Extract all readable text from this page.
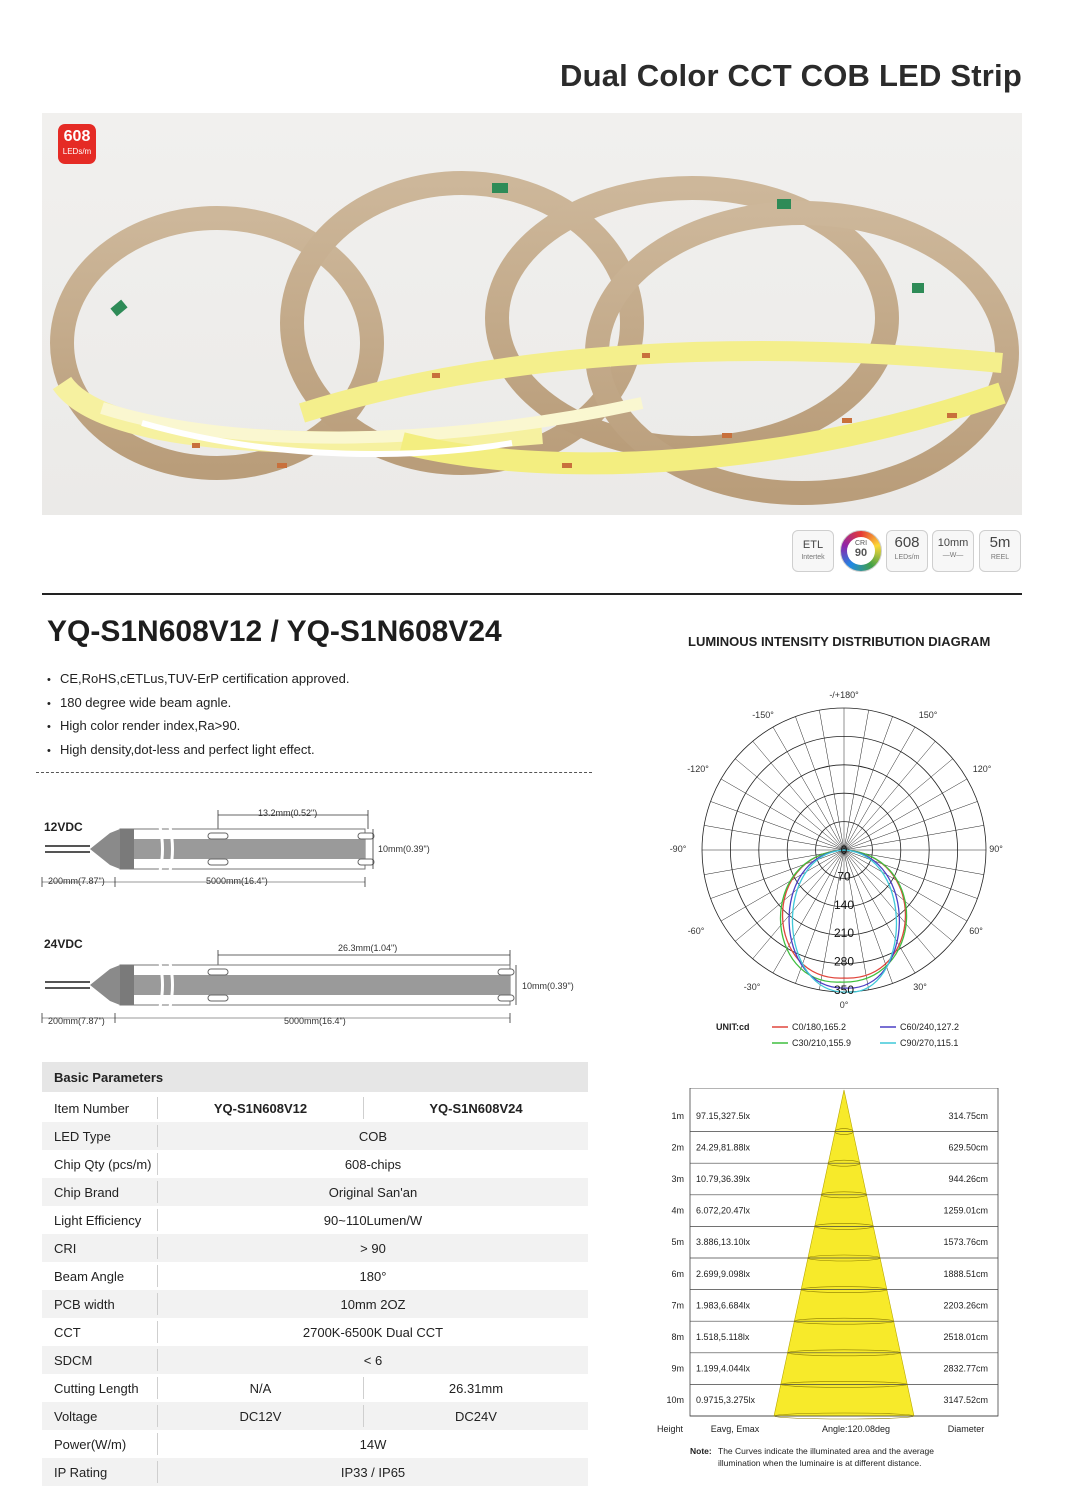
Dual Color CCT COB LED Strip
608
LEDs/m
ETL
Intertek
CRI
90
608
LEDs/m
10mm
—W—
5m
REEL
YQ-S1N608V12 / YQ-S1N608V24	LUMINOUS INTENSITY DISTRIBUTION DIAGRAM
• CE,RoHS,cETLus,TUV-ErP certification approved.
• 180 degree wide beam agnle.
• High color render index,Ra>90.
• High density,dot-less and perfect light effect.
12VDC
13.2mm(0.52")
10mm(0.39")
200mm(7.87")	5000mm(16.4")
24VDC	26.3mm(1.04")
10mm(0.39")
200mm(7.87")	5000mm(16.4")
Basic Parameters
Item Number	YQ-S1N608V12	YQ-S1N608V24
LED Type	COB
Chip Qty (pcs/m)	608-chips
Chip Brand	Original San'an
Light Efficiency	90~110Lumen/W
CRI	> 90
Beam Angle	180°
PCB width	10mm 2OZ
CCT	2700K-6500K Dual CCT
SDCM	< 6
Cutting Length	N/A	26.31mm
Voltage	DC12V	DC24V
Power(W/m)	14W
IP Rating	IP33 / IP65
-/+180°
-150°	150°
-120°	120°
-90°	90°
-60°	60°
-30°	30°
0°
0
70
140
210
280
350
UNIT:cd	C0/180,165.2	C60/240,127.2
C30/210,155.9	C90/270,115.1
1m 97.15,327.5lx	314.75cm
2m 24.29,81.88lx	629.50cm
3m 10.79,36.39lx	944.26cm
4m 6.072,20.47lx	1259.01cm
5m 3.886,13.10lx	1573.76cm
6m 2.699,9.098lx	1888.51cm
7m 1.983,6.684lx	2203.26cm
8m 1.518,5.118lx	2518.01cm
9m 1.199,4.044lx	2832.77cm
10m 0.9715,3.275lx	3147.52cm
Height	Eavg, Emax	Angle:120.08deg	Diameter
Note: The Curves indicate the illuminated area and the average
illumination when the luminaire is at different distance.
